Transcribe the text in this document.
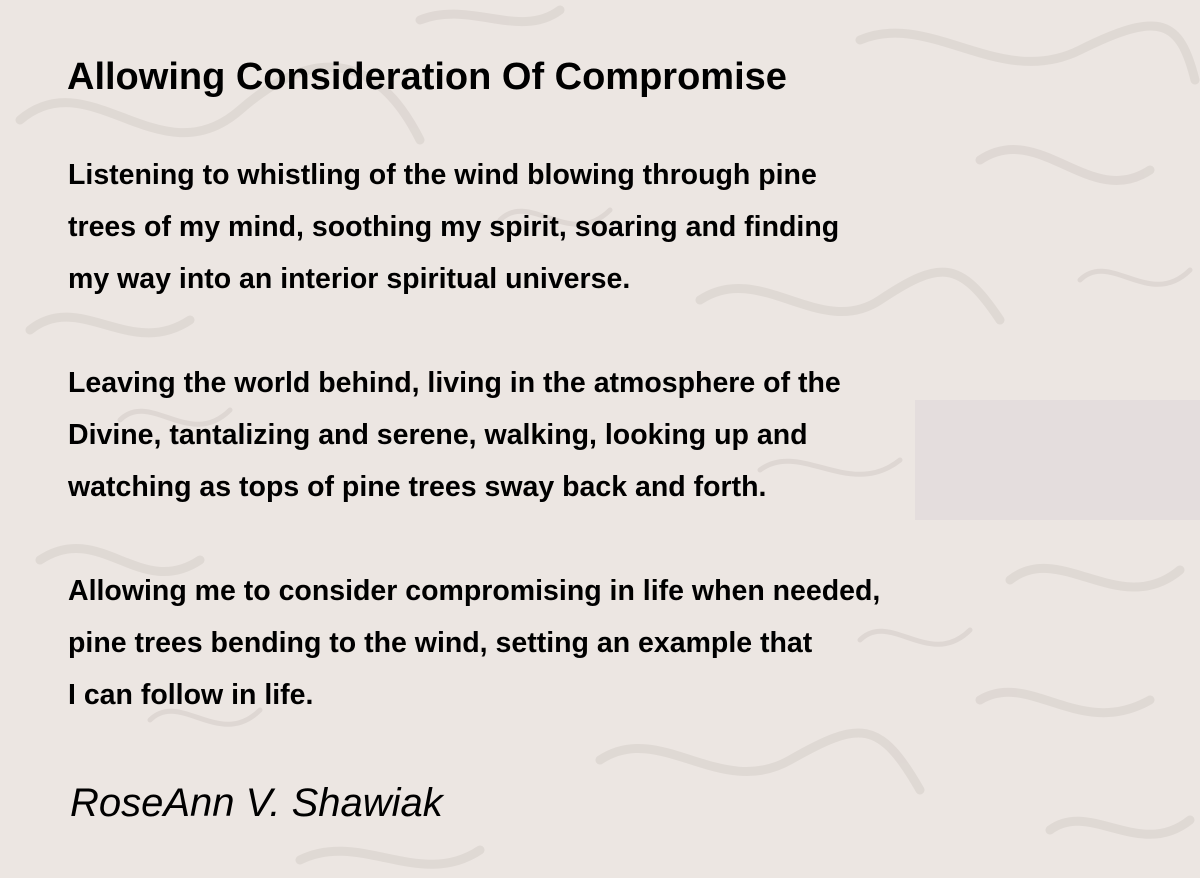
Allowing Consideration Of Compromise
Listening to whistling of the wind blowing through pine
trees of my mind, soothing my spirit, soaring and finding
my way into an interior spiritual universe.
Leaving the world behind, living in the atmosphere of the
Divine, tantalizing and serene, walking, looking up and
watching as tops of pine trees sway back and forth.
Allowing me to consider compromising in life when needed,
pine trees bending to the wind, setting an example that
I can follow in life.

RoseAnn V. Shawiak
